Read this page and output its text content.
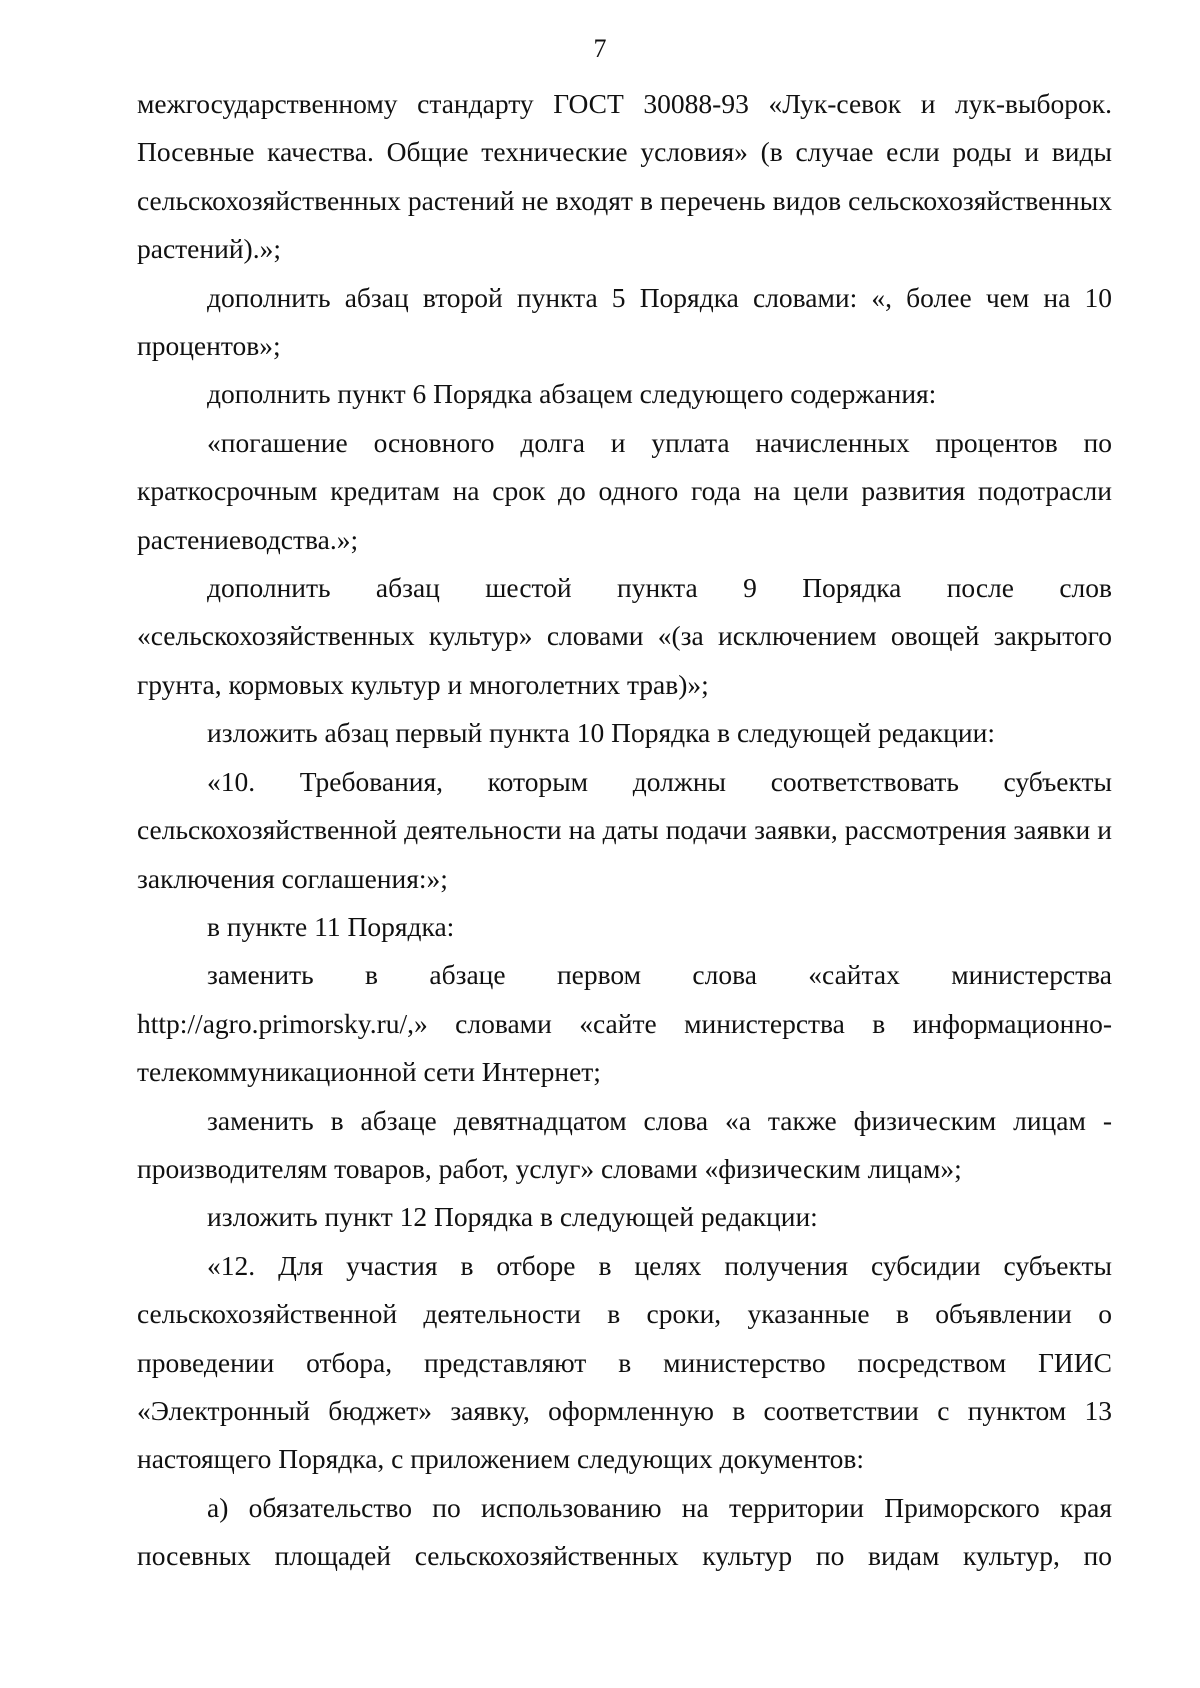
7

межгосударственному стандарту ГОСТ 30088-93 «Лук-севок и лук-выборок. Посевные качества. Общие технические условия» (в случае если роды и виды сельскохозяйственных растений не входят в перечень видов сельскохозяйственных растений).»;

дополнить абзац второй пункта 5 Порядка словами: «, более чем на 10 процентов»;

дополнить пункт 6 Порядка абзацем следующего содержания:

«погашение основного долга и уплата начисленных процентов по краткосрочным кредитам на срок до одного года на цели развития подотрасли растениеводства.»;

дополнить абзац шестой пункта 9 Порядка после слов «сельскохозяйственных культур» словами «(за исключением овощей закрытого грунта, кормовых культур и многолетних трав)»;

изложить абзац первый пункта 10 Порядка в следующей редакции:

«10. Требования, которым должны соответствовать субъекты сельскохозяйственной деятельности на даты подачи заявки, рассмотрения заявки и заключения соглашения:»;

в пункте 11 Порядка:

заменить в абзаце первом слова «сайтах министерства http://agro.primorsky.ru/,» словами «сайте министерства в информационно-телекоммуникационной сети Интернет;

заменить в абзаце девятнадцатом слова «а также физическим лицам - производителям товаров, работ, услуг» словами «физическим лицам»;

изложить пункт 12 Порядка в следующей редакции:

«12. Для участия в отборе в целях получения субсидии субъекты сельскохозяйственной деятельности в сроки, указанные в объявлении о проведении отбора, представляют в министерство посредством ГИИС «Электронный бюджет» заявку, оформленную в соответствии с пунктом 13 настоящего Порядка, с приложением следующих документов:

а) обязательство по использованию на территории Приморского края посевных площадей сельскохозяйственных культур по видам культур, по
